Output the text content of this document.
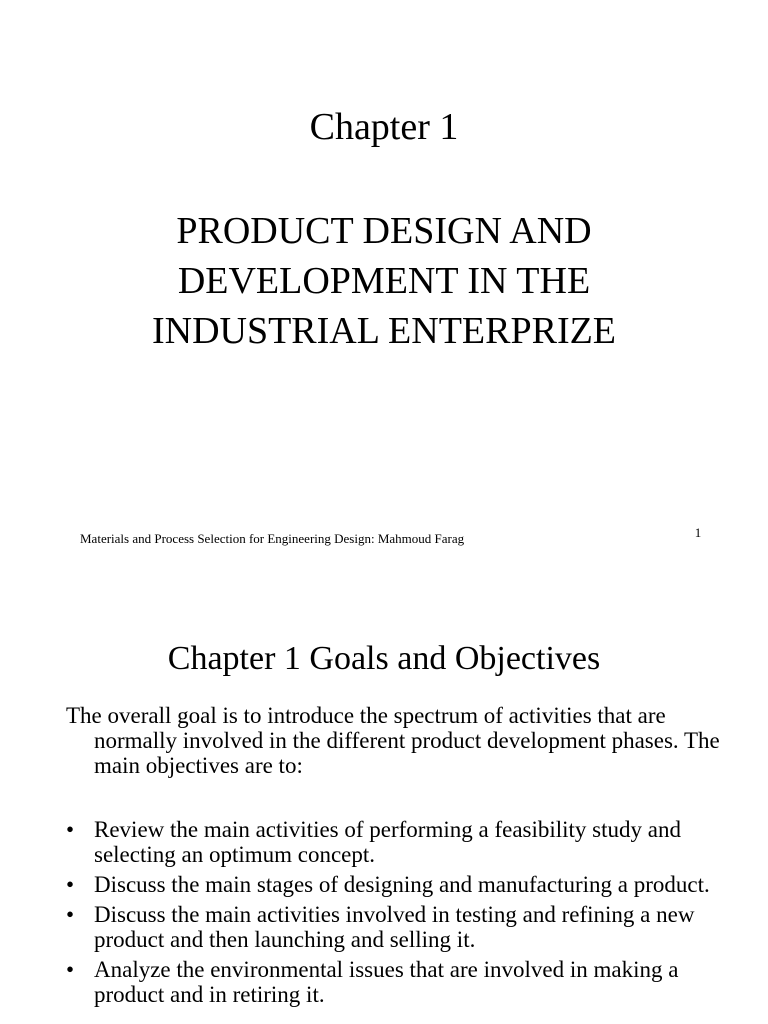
Chapter 1
PRODUCT DESIGN AND
DEVELOPMENT IN THE
INDUSTRIAL ENTERPRIZE
Materials and Process Selection for Engineering Design: Mahmoud Farag	1
Chapter 1 Goals and Objectives
The overall goal is to introduce the spectrum of activities that are normally involved in the different product development phases. The main objectives are to:
• Review the main activities of performing a feasibility study and selecting an optimum concept.
• Discuss the main stages of designing and manufacturing a product.
• Discuss the main activities involved in testing and refining a new product and then launching and selling it.
• Analyze the environmental issues that are involved in making a product and in retiring it.
